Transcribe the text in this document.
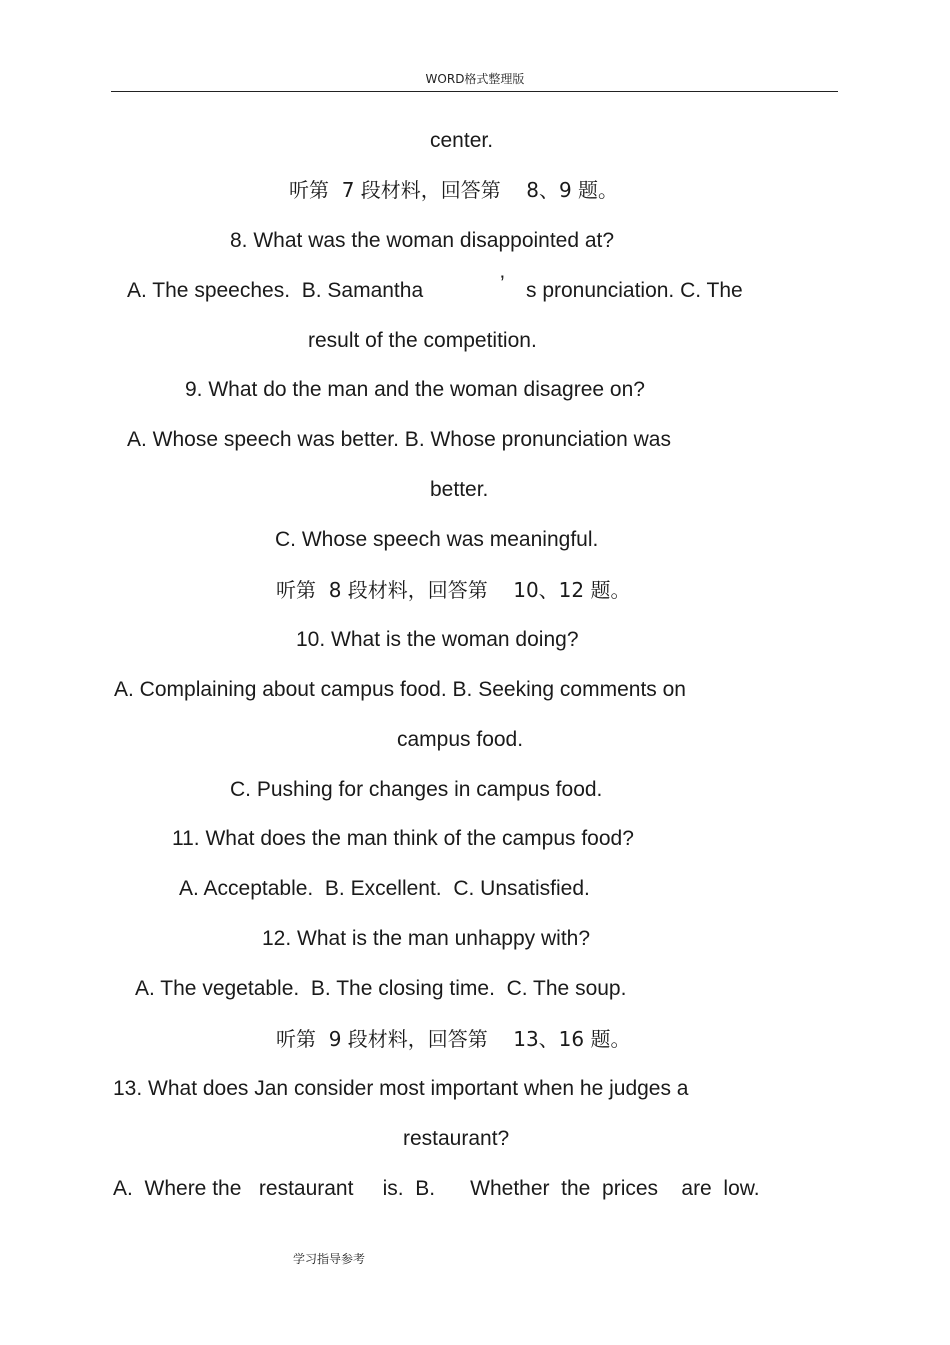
WORD格式整理版
center.
听第  7 段材料，回答第    8、9 题。
8. What was the woman disappointed at?
A. The speeches.  B. Samantha	’ s pronunciation. C. The
result of the competition.
9. What do the man and the woman disagree on?
A. Whose speech was better. B. Whose pronunciation was
better.
C. Whose speech was meaningful.
听第  8 段材料，回答第    10、12 题。
10. What is the woman doing?
A. Complaining about campus food. B. Seeking comments on
campus food.
C. Pushing for changes in campus food.
11. What does the man think of the campus food?
A. Acceptable.  B. Excellent.  C. Unsatisfied.
12. What is the man unhappy with?
A. The vegetable.  B. The closing time.  C. The soup.
听第  9 段材料，回答第    13、16 题。
13. What does Jan consider most important when he judges a
restaurant?
A.  Where the   restaurant     is.  B.      Whether  the  prices    are  low.
学习指导参考
